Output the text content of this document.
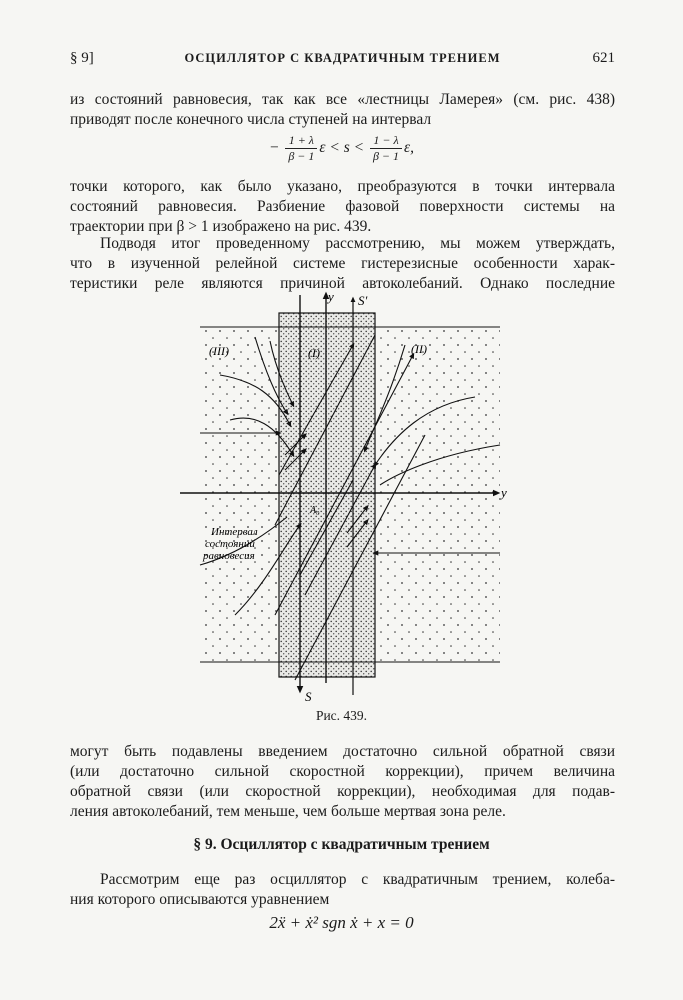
§ 9]	ОСЦИЛЛЯТОР С КВАДРАТИЧНЫМ ТРЕНИЕМ	621
из состояний равновесия, так как все «лестницы Ламерея» (см. рис. 438)
приводят после конечного числа ступеней на интервал
− $\frac{1 + \lambda}{\beta - 1}$ $\varepsilon < s < \frac{1 - \lambda}{\beta - 1} \varepsilon$,
точки которого, как было указано, преобразуются в точки интервала
состояний равновесия. Разбиение фазовой поверхности системы на
траектории при β > 1 изображено на рис. 439.
Подводя итог проведенному рассмотрению, мы можем утверждать,
что в изученной релейной системе гистерезисные особенности харак-
теристики реле являются причиной автоколебаний. Однако последние
y S′
y
S
(III)	(I)	(II)
A₀
Интервал
состояний
равновесия
Рис. 439.
могут быть подавлены введением достаточно сильной обратной связи
(или достаточно сильной скоростной коррекции), причем величина
обратной связи (или скоростной коррекции), необходимая для подав-
ления автоколебаний, тем меньше, чем больше мертвая зона реле.
§ 9. Осциллятор с квадратичным трением
Рассмотрим еще раз осциллятор с квадратичным трением, колеба-
ния которого описываются уравнением
2ẍ + ẋ² sgn ẋ + x = 0
